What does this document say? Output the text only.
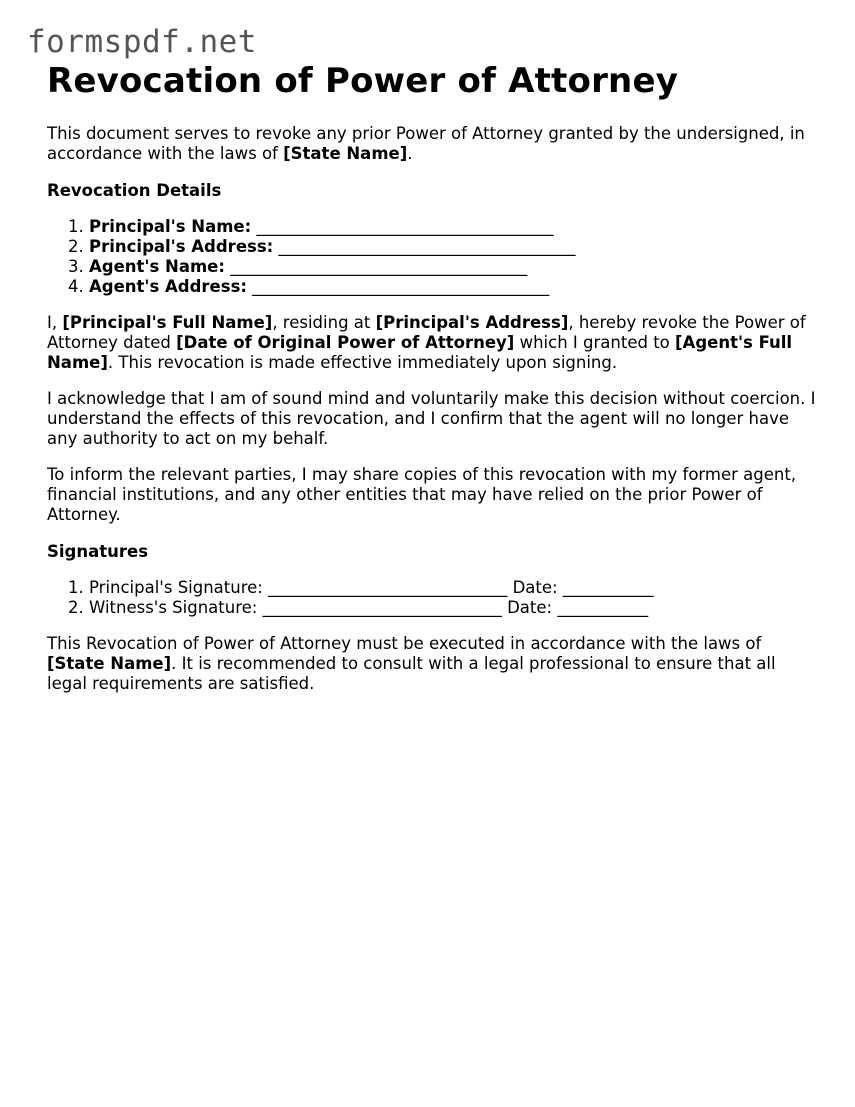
formspdf.net
Revocation of Power of Attorney

This document serves to revoke any prior Power of Attorney granted by the undersigned, in accordance with the laws of [State Name].

Revocation Details
1. Principal's Name: ____________________________________
2. Principal's Address: ____________________________________
3. Agent's Name: ____________________________________
4. Agent's Address: ____________________________________

I, [Principal's Full Name], residing at [Principal's Address], hereby revoke the Power of Attorney dated [Date of Original Power of Attorney] which I granted to [Agent's Full Name]. This revocation is made effective immediately upon signing.

I acknowledge that I am of sound mind and voluntarily make this decision without coercion. I understand the effects of this revocation, and I confirm that the agent will no longer have any authority to act on my behalf.

To inform the relevant parties, I may share copies of this revocation with my former agent, financial institutions, and any other entities that may have relied on the prior Power of Attorney.

Signatures
1. Principal's Signature: _____________________________ Date: ___________
2. Witness's Signature: _____________________________ Date: ___________

This Revocation of Power of Attorney must be executed in accordance with the laws of [State Name]. It is recommended to consult with a legal professional to ensure that all legal requirements are satisfied.
